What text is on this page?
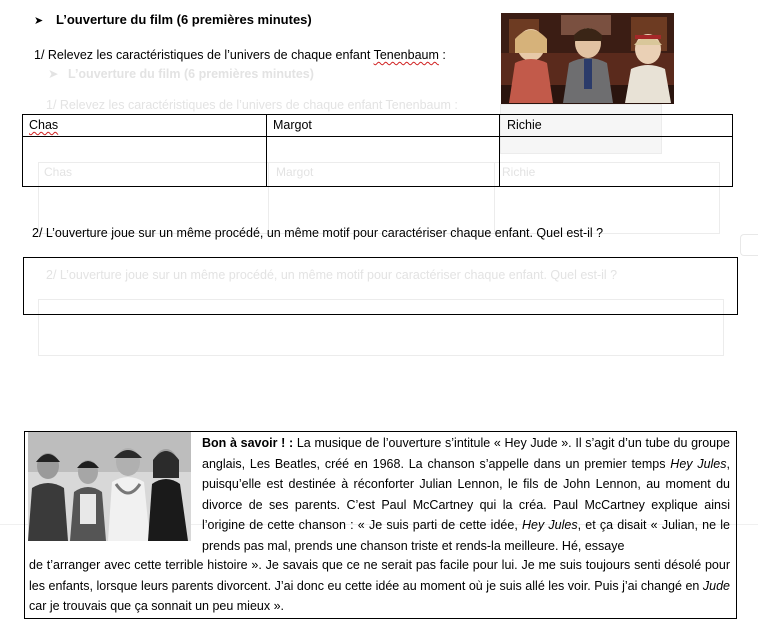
➤ L’ouverture du film (6 premières minutes)
1/ Relevez les caractéristiques de l’univers de chaque enfant Tenenbaum :
Chas	Margot	Richie
2/ L’ouverture joue sur un même procédé, un même motif pour caractériser chaque enfant. Quel est-il ?
➤ L’ouverture du film (6 premières minutes)
1/ Relevez les caractéristiques de l’univers de chaque enfant Tenenbaum :
Chas	Margot	Richie
2/ L’ouverture joue sur un même procédé, un même motif pour caractériser chaque enfant. Quel est-il ?
Bon à savoir ! : La musique de l’ouverture s’intitule « Hey Jude ». Il s’agit d’un tube du groupe anglais, Les Beatles, créé en 1968. La chanson s’appelle dans un premier temps Hey Jules, puisqu’elle est destinée à réconforter Julian Lennon, le fils de John Lennon, au moment du divorce de ses parents. C’est Paul McCartney qui la créa. Paul McCartney explique ainsi l’origine de cette chanson : « Je suis parti de cette idée, Hey Jules, et ça disait « Julian, ne le prends pas mal, prends une chanson triste et rends-la meilleure. Hé, essaye
de t’arranger avec cette terrible histoire ». Je savais que ce ne serait pas facile pour lui. Je me suis toujours senti désolé pour les enfants, lorsque leurs parents divorcent. J’ai donc eu cette idée au moment où je suis allé les voir. Puis j’ai changé en Jude car je trouvais que ça sonnait un peu mieux ».
